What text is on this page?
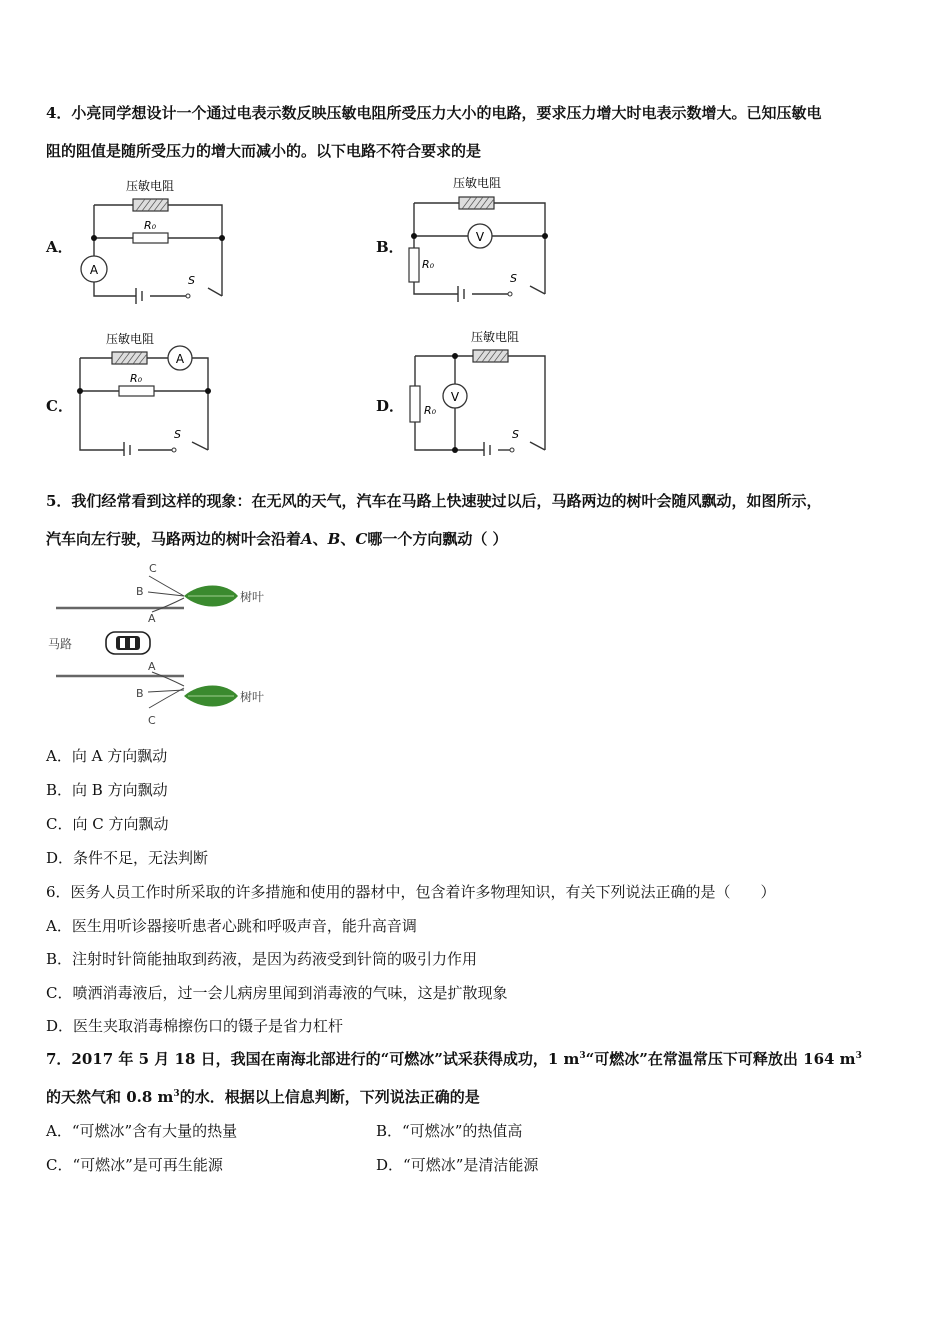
4．小亮同学想设计一个通过电表示数反映压敏电阻所受压力大小的电路，要求压力增大时电表示数增大。已知压敏电
阻的阻值是随所受压力的增大而减小的。以下电路不符合要求的是
A．	B．
C．	D．
A
压敏电阻
R₀
S
V
压敏电阻
R₀
S
A
压敏电阻
R₀
S
V
压敏电阻
R₀
S
5．我们经常看到这样的现象：在无风的天气，汽车在马路上快速驶过以后，马路两边的树叶会随风飘动，如图所示，
汽车向左行驶，马路两边的树叶会沿着A、B、C哪一个方向飘动（ ）
C
B
A
A
B
C
树叶
树叶
马路
A．向 A 方向飘动
B．向 B 方向飘动
C．向 C 方向飘动
D．条件不足，无法判断
6．医务人员工作时所采取的许多措施和使用的器材中，包含着许多物理知识，有关下列说法正确的是（　　）
A．医生用听诊器接听患者心跳和呼吸声音，能升高音调
B．注射时针筒能抽取到药液，是因为药液受到针筒的吸引力作用
C．喷洒消毒液后，过一会儿病房里闻到消毒液的气味，这是扩散现象
D．医生夹取消毒棉擦伤口的镊子是省力杠杆
7．2017 年 5 月 18 日，我国在南海北部进行的“可燃冰”试采获得成功，1 $m^3“$可燃冰”在常温常压下可释放出 164 $m^3$
的天然气和 0.8 $m^3$的水．根据以上信息判断，下列说法正确的是
A．“可燃冰”含有大量的热量	B．“可燃冰”的热值高
C．“可燃冰”是可再生能源	D．“可燃冰”是清洁能源
